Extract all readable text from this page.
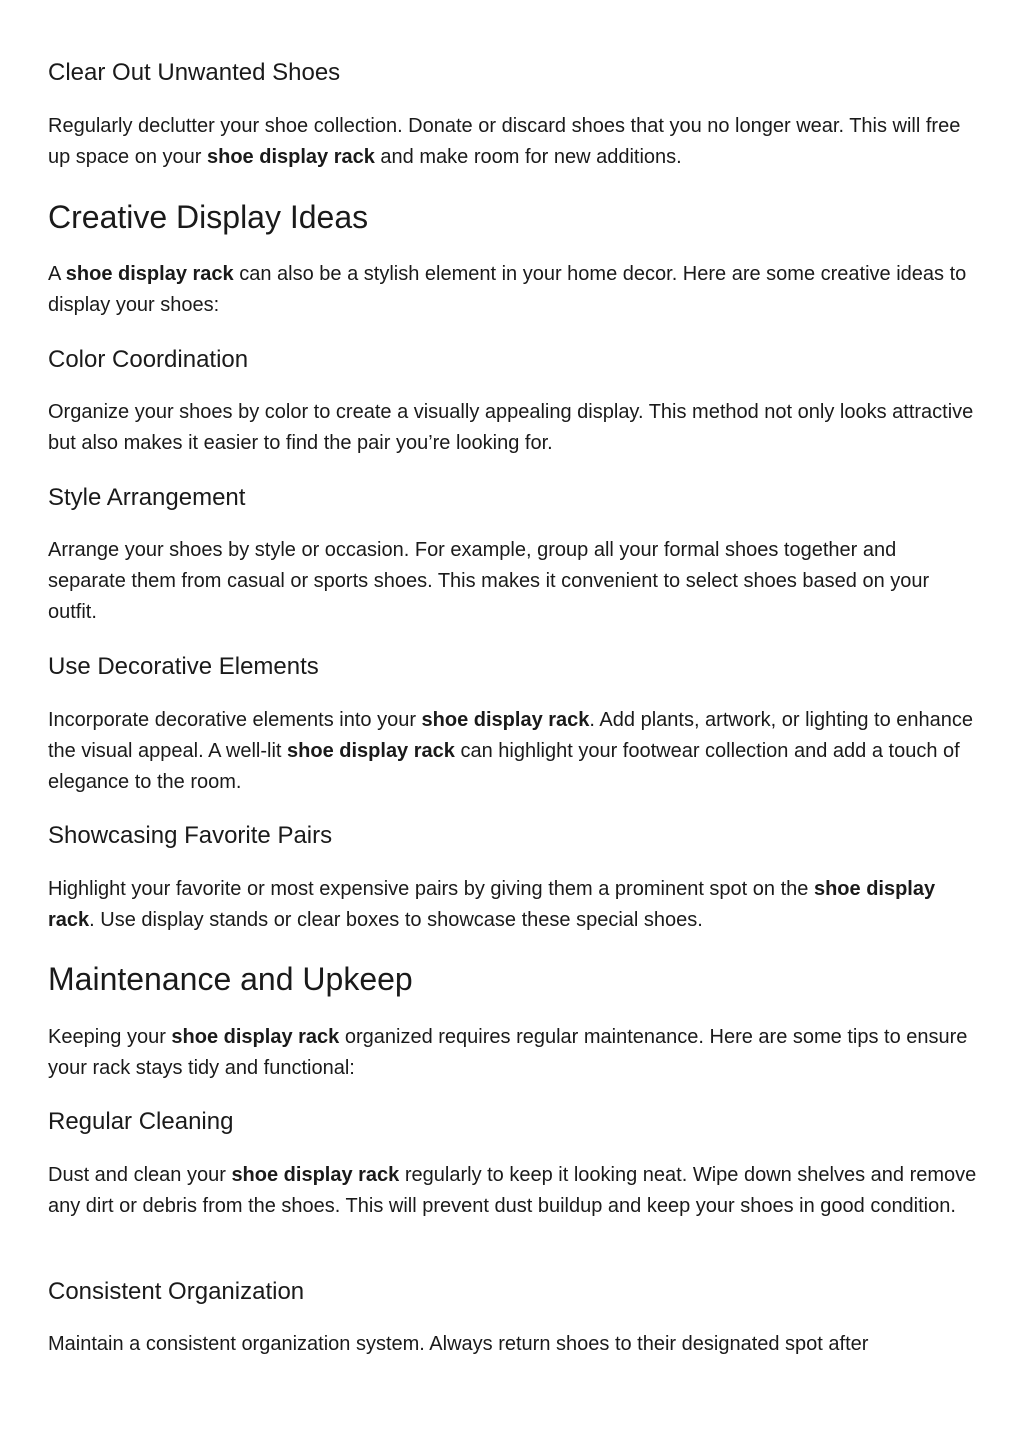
Clear Out Unwanted Shoes

Regularly declutter your shoe collection. Donate or discard shoes that you no longer wear. This will free up space on your shoe display rack and make room for new additions.

Creative Display Ideas

A shoe display rack can also be a stylish element in your home decor. Here are some creative ideas to display your shoes:

Color Coordination

Organize your shoes by color to create a visually appealing display. This method not only looks attractive but also makes it easier to find the pair you’re looking for.

Style Arrangement

Arrange your shoes by style or occasion. For example, group all your formal shoes together and separate them from casual or sports shoes. This makes it convenient to select shoes based on your outfit.

Use Decorative Elements

Incorporate decorative elements into your shoe display rack. Add plants, artwork, or lighting to enhance the visual appeal. A well-lit shoe display rack can highlight your footwear collection and add a touch of elegance to the room.

Showcasing Favorite Pairs

Highlight your favorite or most expensive pairs by giving them a prominent spot on the shoe display rack. Use display stands or clear boxes to showcase these special shoes.

Maintenance and Upkeep

Keeping your shoe display rack organized requires regular maintenance. Here are some tips to ensure your rack stays tidy and functional:

Regular Cleaning

Dust and clean your shoe display rack regularly to keep it looking neat. Wipe down shelves and remove any dirt or debris from the shoes. This will prevent dust buildup and keep your shoes in good condition.

Consistent Organization

Maintain a consistent organization system. Always return shoes to their designated spot after
